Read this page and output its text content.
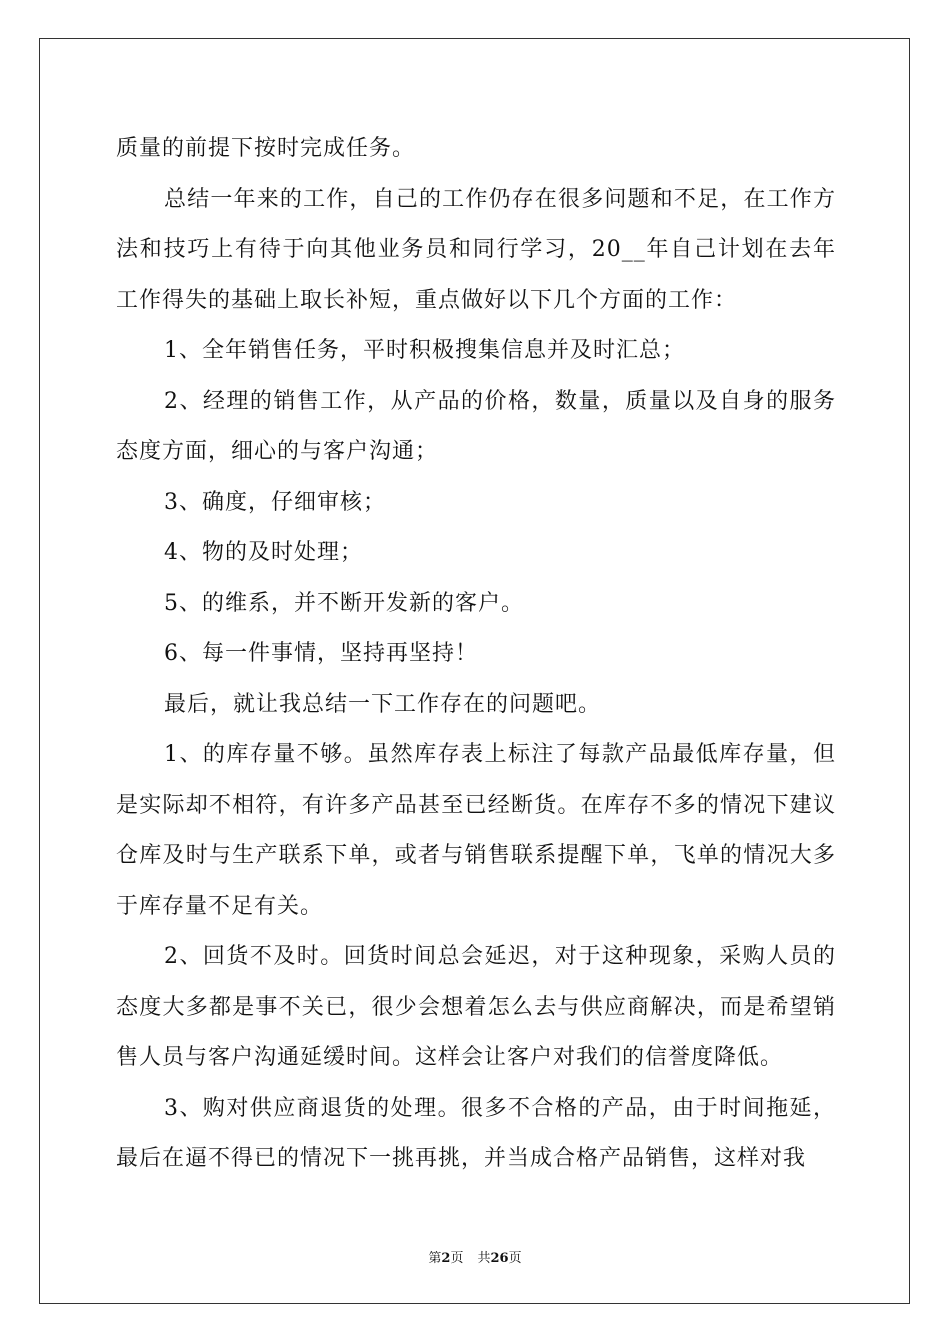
质量的前提下按时完成任务。

总结一年来的工作，自己的工作仍存在很多问题和不足，在工作方法和技巧上有待于向其他业务员和同行学习，20__年自己计划在去年工作得失的基础上取长补短，重点做好以下几个方面的工作：

1、全年销售任务，平时积极搜集信息并及时汇总；

2、经理的销售工作，从产品的价格，数量，质量以及自身的服务态度方面，细心的与客户沟通；

3、确度，仔细审核；

4、物的及时处理；

5、的维系，并不断开发新的客户。

6、每一件事情，坚持再坚持！

最后，就让我总结一下工作存在的问题吧。

1、的库存量不够。虽然库存表上标注了每款产品最低库存量，但是实际却不相符，有许多产品甚至已经断货。在库存不多的情况下建议仓库及时与生产联系下单，或者与销售联系提醒下单，飞单的情况大多于库存量不足有关。

2、回货不及时。回货时间总会延迟，对于这种现象，采购人员的态度大多都是事不关已，很少会想着怎么去与供应商解决，而是希望销售人员与客户沟通延缓时间。这样会让客户对我们的信誉度降低。

3、购对供应商退货的处理。很多不合格的产品，由于时间拖延，最后在逼不得已的情况下一挑再挑，并当成合格产品销售，这样对我

第2页 共26页
